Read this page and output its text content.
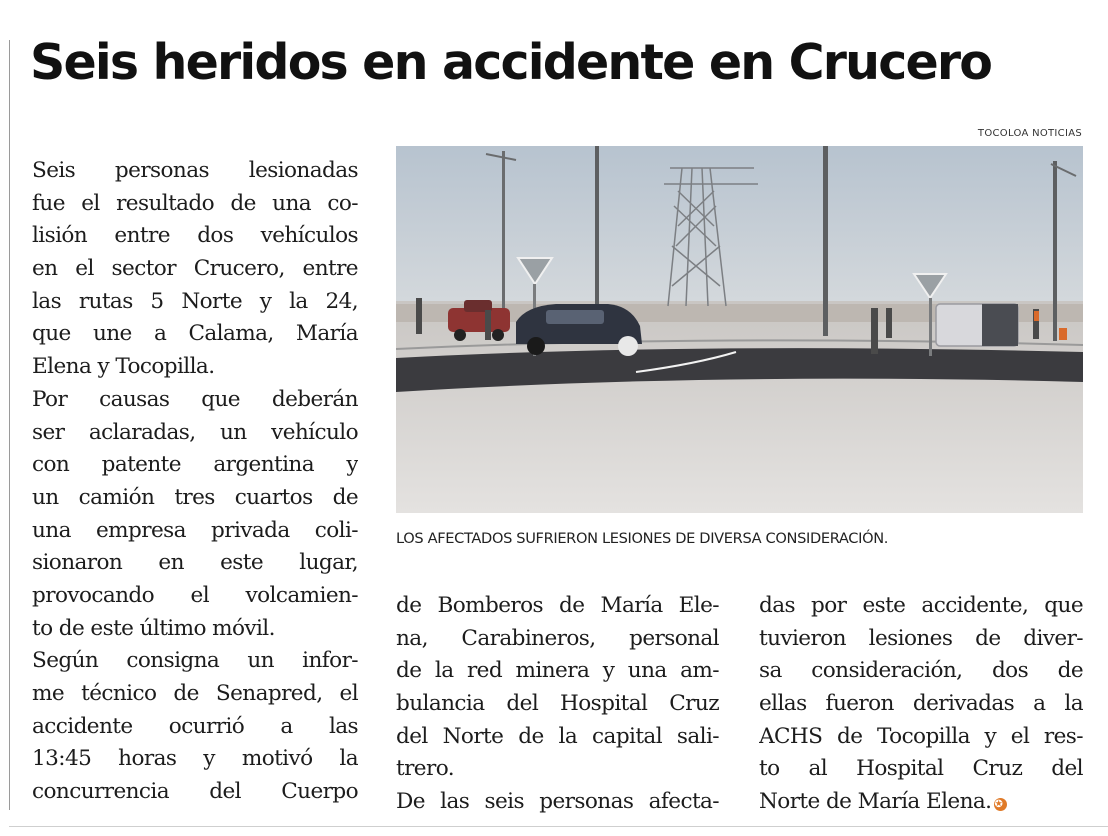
Seis heridos en accidente en Crucero
TOCOLOA NOTICIAS
LOS AFECTADOS SUFRIERON LESIONES DE DIVERSA CONSIDERACIÓN.
Seis personas lesionadas
fue el resultado de una co-
lisión entre dos vehículos
en el sector Crucero, entre
las rutas 5 Norte y la 24,
que une a Calama, María
Elena y Tocopilla.
Por causas que deberán
ser aclaradas, un vehículo
con patente argentina y
un camión tres cuartos de
una empresa privada coli-
sionaron en este lugar,
provocando el volcamien-
to de este último móvil.
Según consigna un infor-
me técnico de Senapred, el
accidente ocurrió a las
13:45 horas y motivó la
concurrencia del Cuerpo
de Bomberos de María Ele-
na, Carabineros, personal
de la red minera y una am-
bulancia del Hospital Cruz
del Norte de la capital sali-
trero.
De las seis personas afecta-
das por este accidente, que
tuvieron lesiones de diver-
sa consideración, dos de
ellas fueron derivadas a la
ACHS de Tocopilla y el res-
to al Hospital Cruz del
Norte de María Elena. ✪
